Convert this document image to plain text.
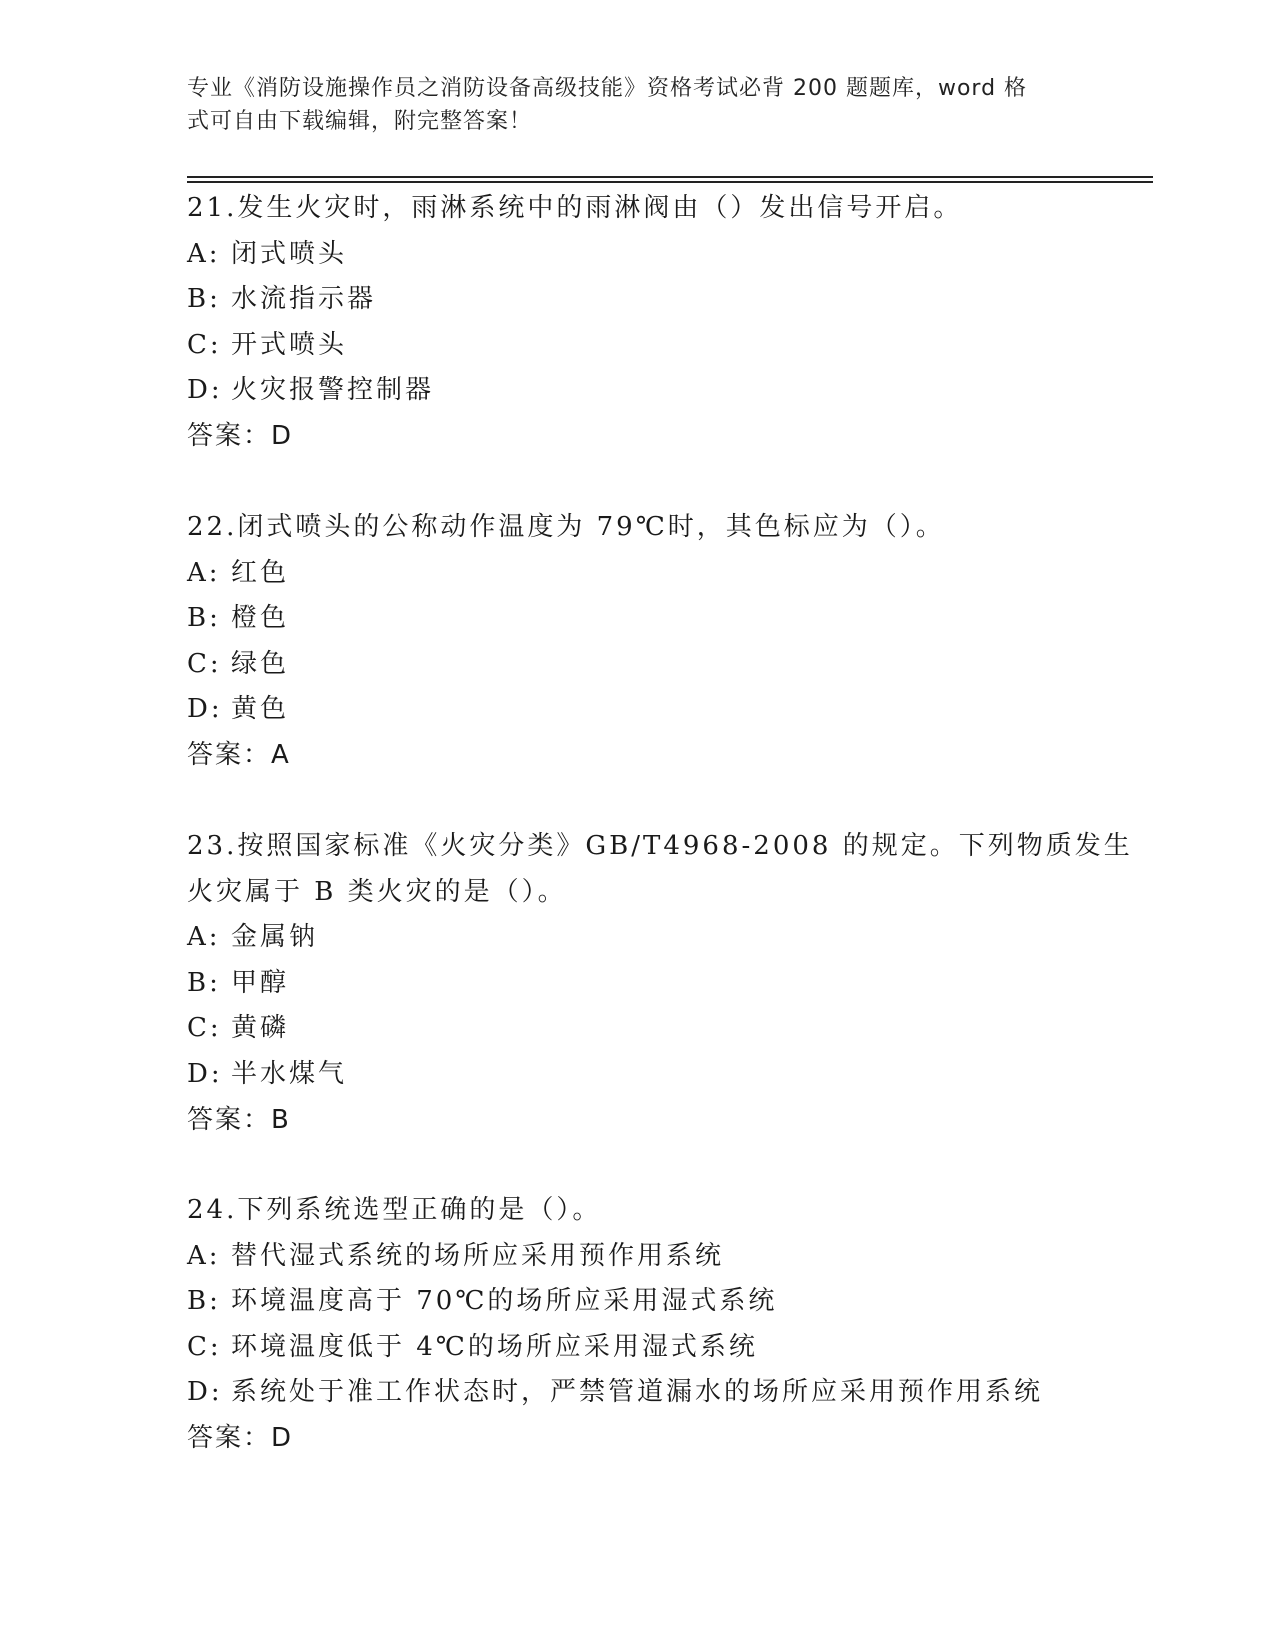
专业《消防设施操作员之消防设备高级技能》资格考试必背 200 题题库，word 格
式可自由下载编辑，附完整答案！
21.发生火灾时，雨淋系统中的雨淋阀由（）发出信号开启。
A: 闭式喷头
B: 水流指示器
C: 开式喷头
D: 火灾报警控制器
答案：D
22.闭式喷头的公称动作温度为 79℃时，其色标应为（）。
A: 红色
B: 橙色
C: 绿色
D: 黄色
答案：A
23.按照国家标准《火灾分类》GB/T4968-2008 的规定。下列物质发生
火灾属于 B 类火灾的是（）。
A: 金属钠
B: 甲醇
C: 黄磷
D: 半水煤气
答案：B
24.下列系统选型正确的是（）。
A: 替代湿式系统的场所应采用预作用系统
B: 环境温度高于 70℃的场所应采用湿式系统
C: 环境温度低于 4℃的场所应采用湿式系统
D: 系统处于准工作状态时，严禁管道漏水的场所应采用预作用系统
答案：D
